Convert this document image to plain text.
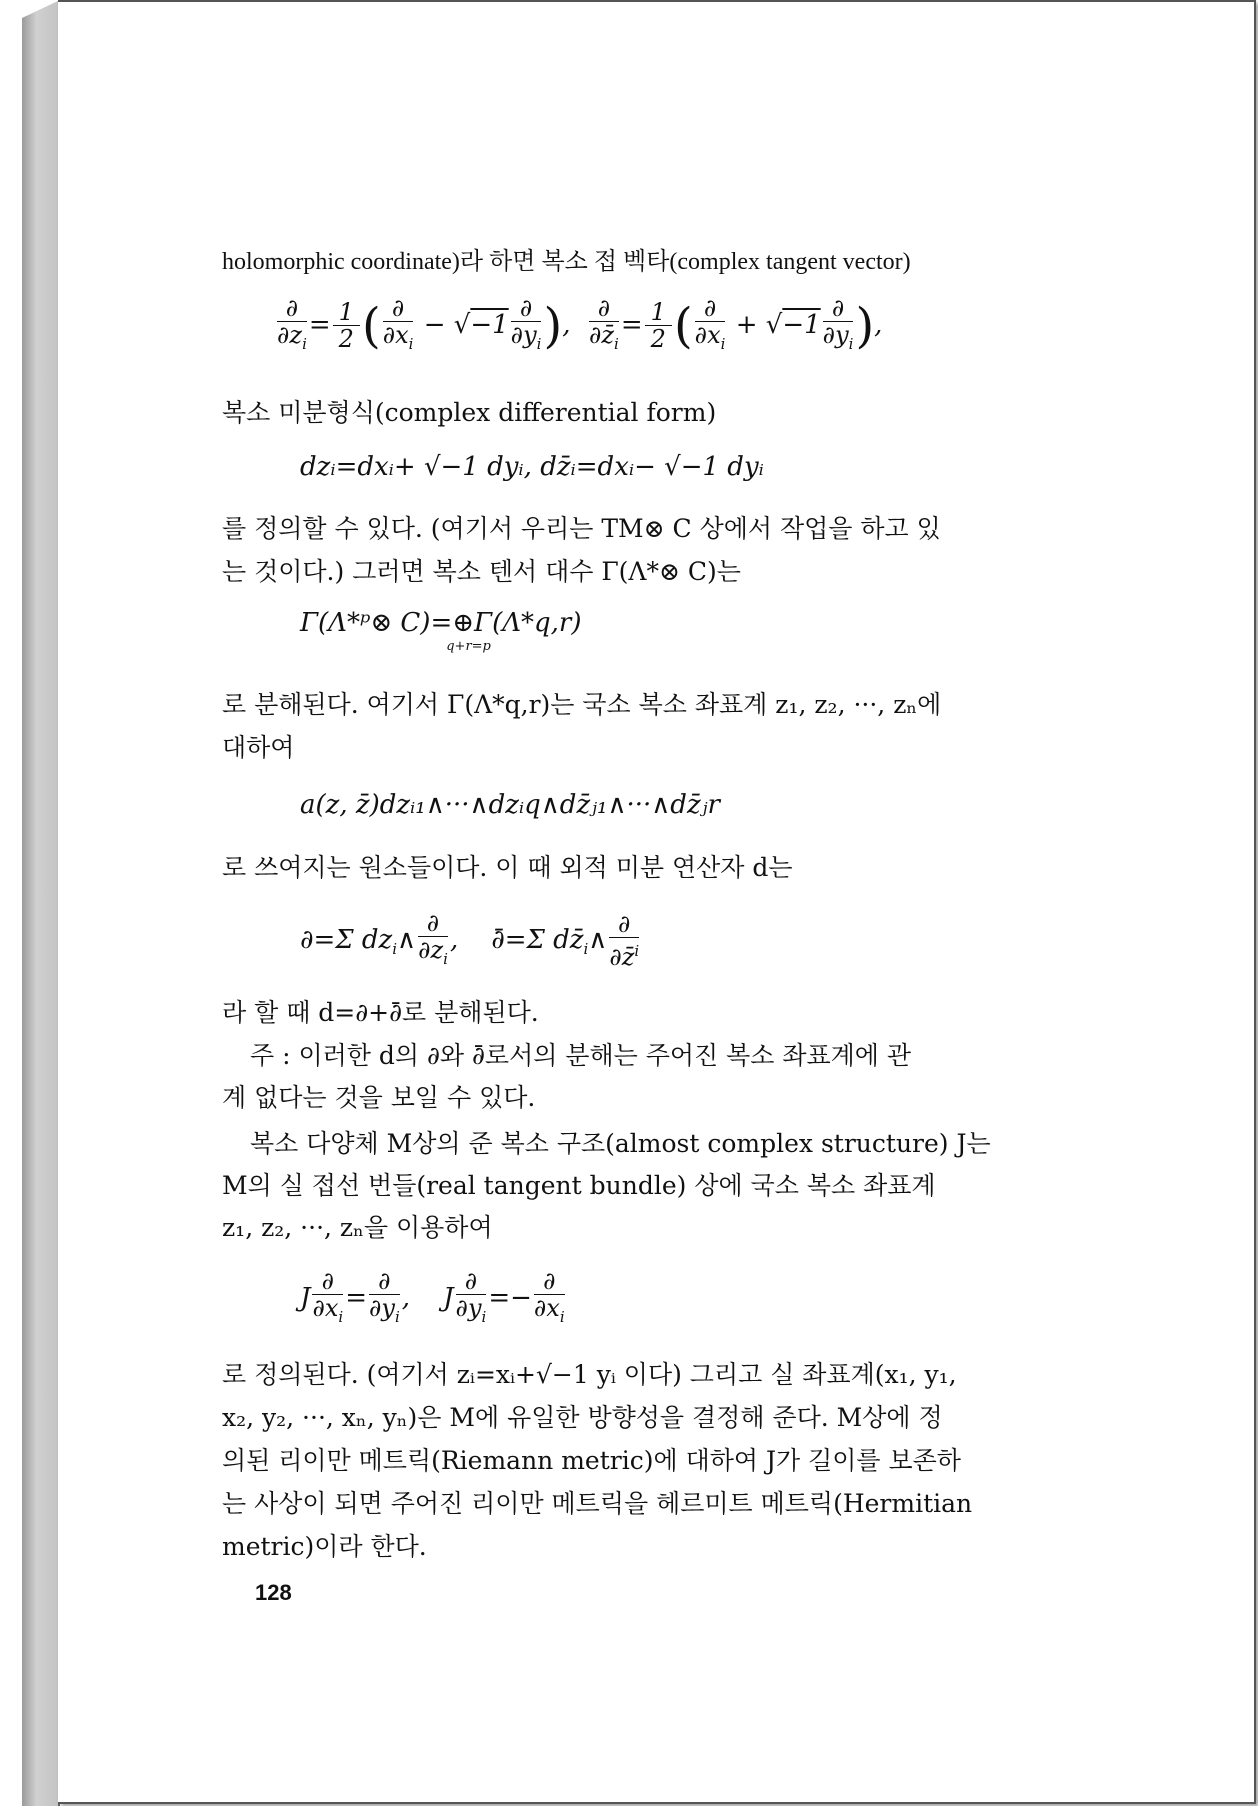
holomorphic coordinate)라 하면 복소 접 벡타(complex tangent vector)
$\frac{\partial}{\partial z_i} = \frac{1}{2}$ ( $\frac{\partial}{\partial x_i} - √-1 \frac{\partial}{\partial y_i}$ ), $\frac{\partial}{\partial z̄_i} = \frac{1}{2}$ ( $\frac{\partial}{\partial x_i} + √-1 \frac{\partial}{\partial y_i}$ ),
복소 미분형식(complex differential form)
dzᵢ=dxᵢ+ √−1 dyᵢ, dz̄ᵢ=dxᵢ− √−1 dyᵢ
를 정의할 수 있다. (여기서 우리는 TM⊗ C 상에서 작업을 하고 있
는 것이다.) 그러면 복소 텐서 대수 Γ(Λ*⊗ C)는
Γ(Λ*ᵖ⊗ C)=⊕
q+r=p
Γ(Λ*q,r)
로 분해된다. 여기서 Γ(Λ*q,r)는 국소 복소 좌표계 z₁, z₂, ···, zₙ에
대하여
a(z, z̄)dzᵢ₁∧···∧dzᵢq∧dz̄ⱼ₁∧···∧dz̄ⱼr
로 쓰여지는 원소들이다. 이 때 외적 미분 연산자 d는
∂=Σ $dz_i\wedge \frac{\partial}{\partial z_i}$ ,    ∂̄=Σ $dz̄_i\wedge \frac{\partial}{\partial z̄^i}$
라 할 때 d=∂+∂̄로 분해된다.
주 : 이러한 d의 ∂와 ∂̄로서의 분해는 주어진 복소 좌표계에 관
계 없다는 것을 보일 수 있다.
복소 다양체 M상의 준 복소 구조(almost complex structure) J는
M의 실 접선 번들(real tangent bundle) 상에 국소 복소 좌표계
z₁, z₂, ···, zₙ을 이용하여
J $\frac{\partial}{\partial x_i} = \frac{\partial}{\partial y_i}$ ,    J $\frac{\partial}{\partial y_i} =- \frac{\partial}{\partial x_i}$
로 정의된다. (여기서 zᵢ=xᵢ+√−1 yᵢ 이다) 그리고 실 좌표계(x₁, y₁,
x₂, y₂, ···, xₙ, yₙ)은 M에 유일한 방향성을 결정해 준다. M상에 정
의된 리이만 메트릭(Riemann metric)에 대하여 J가 길이를 보존하
는 사상이 되면 주어진 리이만 메트릭을 헤르미트 메트릭(Hermitian
metric)이라 한다.
128
